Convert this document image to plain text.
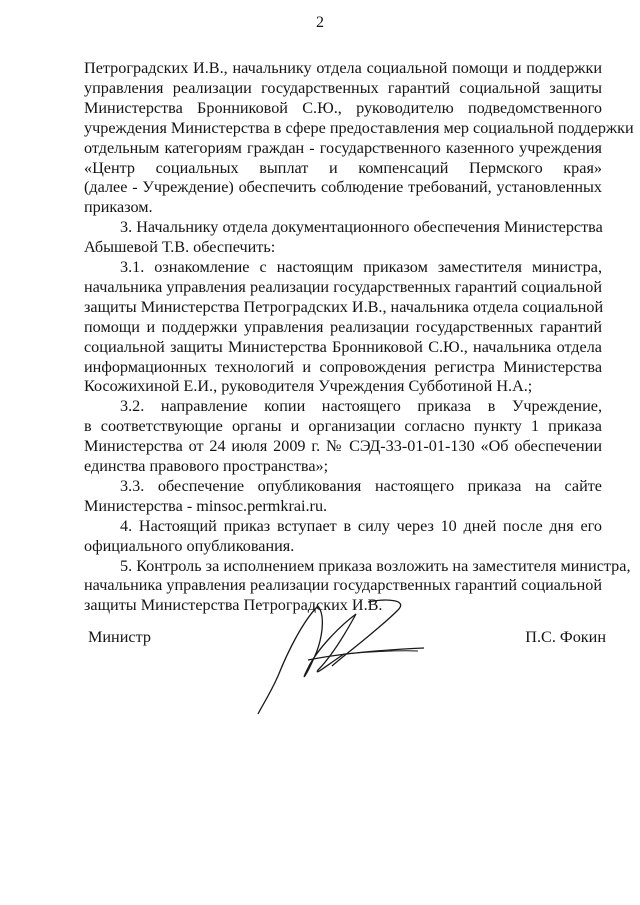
2
Петроградских И.В., начальнику отдела социальной помощи и поддержки
управления реализации государственных гарантий социальной защиты
Министерства Бронниковой С.Ю., руководителю подведомственного
учреждения Министерства в сфере предоставления мер социальной поддержки
отдельным категориям граждан - государственного казенного учреждения
«Центр социальных выплат и компенсаций Пермского края»
(далее - Учреждение) обеспечить соблюдение требований, установленных
приказом.
3. Начальнику отдела документационного обеспечения Министерства
Абышевой Т.В. обеспечить:
3.1. ознакомление с настоящим приказом заместителя министра,
начальника управления реализации государственных гарантий социальной
защиты Министерства Петроградских И.В., начальника отдела социальной
помощи и поддержки управления реализации государственных гарантий
социальной защиты Министерства Бронниковой С.Ю., начальника отдела
информационных технологий и сопровождения регистра Министерства
Косожихиной Е.И., руководителя Учреждения Субботиной Н.А.;
3.2. направление копии настоящего приказа в Учреждение,
в соответствующие органы и организации согласно пункту 1 приказа
Министерства от 24 июля 2009 г. № СЭД-33-01-01-130 «Об обеспечении
единства правового пространства»;
3.3. обеспечение опубликования настоящего приказа на сайте
Министерства - minsoc.permkrai.ru.
4. Настоящий приказ вступает в силу через 10 дней после дня его
официального опубликования.
5. Контроль за исполнением приказа возложить на заместителя министра,
начальника управления реализации государственных гарантий социальной
защиты Министерства Петроградских И.В.
Министр	П.С. Фокин
